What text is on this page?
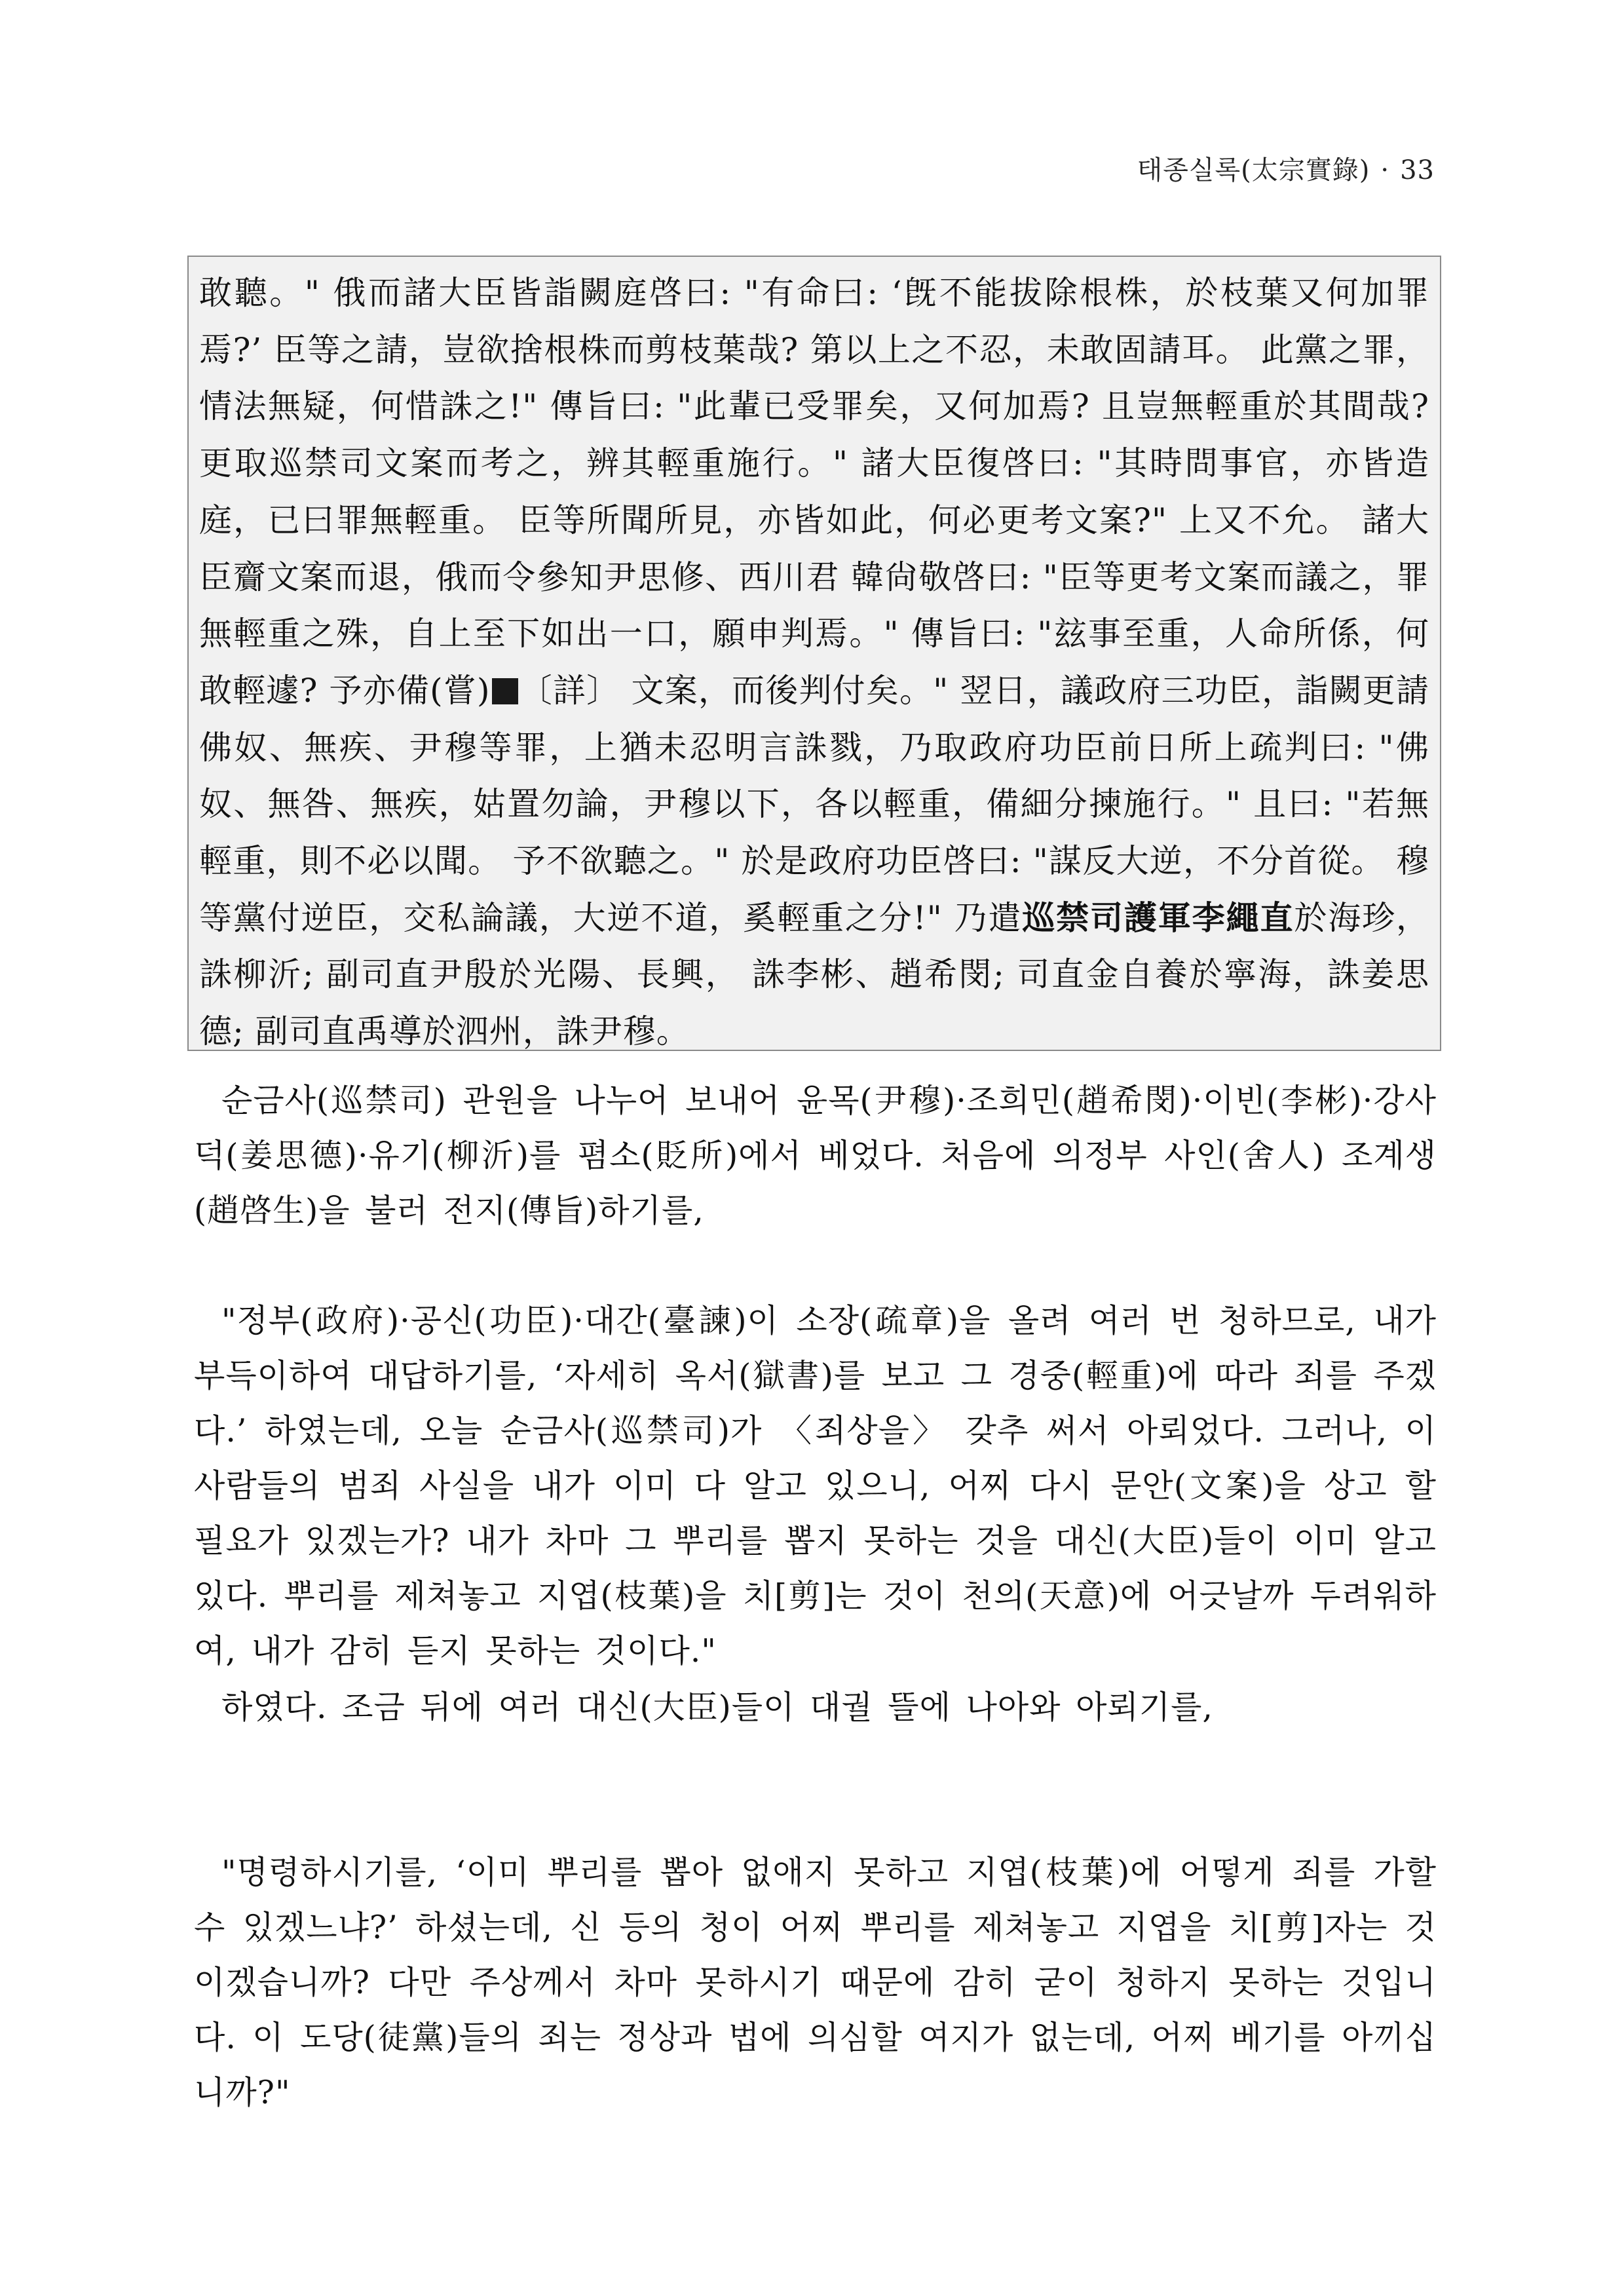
태종실록(太宗實錄) · 33

敢聽。" 俄而諸大臣皆詣闕庭啓曰: "有命曰: ‘旣不能拔除根株，於枝葉又何加罪焉?’ 臣等之請，豈欲捨根株而剪枝葉哉? 第以上之不忍，未敢固請耳。 此黨之罪，情法無疑，何惜誅之!" 傳旨曰: "此輩已受罪矣，又何加焉? 且豈無輕重於其間哉? 更取巡禁司文案而考之，辨其輕重施行。" 諸大臣復啓曰: "其時問事官，亦皆造庭，已曰罪無輕重。 臣等所聞所見，亦皆如此，何必更考文案?" 上又不允。 諸大臣齎文案而退，俄而令參知尹思修、西川君 韓尙敬啓曰: "臣等更考文案而議之，罪無輕重之殊，自上至下如出一口，願申判焉。" 傳旨曰: "玆事至重，人命所係，何敢輕遽? 予亦備(嘗) 〔詳〕 文案，而後判付矣。" 翌日，議政府三功臣，詣闕更請佛奴、無疾、尹穆等罪，上猶未忍明言誅戮，乃取政府功臣前日所上疏判曰: "佛奴、無咎、無疾，姑置勿論，尹穆以下，各以輕重，備細分揀施行。" 且曰: "若無輕重，則不必以聞。 予不欲聽之。" 於是政府功臣啓曰: "謀反大逆，不分首從。 穆等黨付逆臣，交私論議，大逆不道，奚輕重之分!" 乃遣巡禁司護軍李繩直於海珍， 誅柳沂; 副司直尹殷於光陽、長興， 誅李彬、趙希閔; 司直金自養於寧海，誅姜思德; 副司直禹導於泗州，誅尹穆。

순금사(巡禁司) 관원을 나누어 보내어 윤목(尹穆)·조희민(趙希閔)·이빈(李彬)·강사덕(姜思德)·유기(柳沂)를 폄소(貶所)에서 베었다. 처음에 의정부 사인(舍人) 조계생(趙啓生)을 불러 전지(傳旨)하기를,

"정부(政府)·공신(功臣)·대간(臺諫)이 소장(疏章)을 올려 여러 번 청하므로, 내가 부득이하여 대답하기를, ‘자세히 옥서(獄書)를 보고 그 경중(輕重)에 따라 죄를 주겠다.’ 하였는데, 오늘 순금사(巡禁司)가 〈죄상을〉 갖추 써서 아뢰었다. 그러나, 이 사람들의 범죄 사실을 내가 이미 다 알고 있으니, 어찌 다시 문안(文案)을 상고 할 필요가 있겠는가? 내가 차마 그 뿌리를 뽑지 못하는 것을 대신(大臣)들이 이미 알고 있다. 뿌리를 제쳐놓고 지엽(枝葉)을 치[剪]는 것이 천의(天意)에 어긋날까 두려워하여, 내가 감히 듣지 못하는 것이다."

하였다. 조금 뒤에 여러 대신(大臣)들이 대궐 뜰에 나아와 아뢰기를,

"명령하시기를, ‘이미 뿌리를 뽑아 없애지 못하고 지엽(枝葉)에 어떻게 죄를 가할 수 있겠느냐?’ 하셨는데, 신 등의 청이 어찌 뿌리를 제쳐놓고 지엽을 치[剪]자는 것이겠습니까? 다만 주상께서 차마 못하시기 때문에 감히 굳이 청하지 못하는 것입니다. 이 도당(徒黨)들의 죄는 정상과 법에 의심할 여지가 없는데, 어찌 베기를 아끼십니까?"
